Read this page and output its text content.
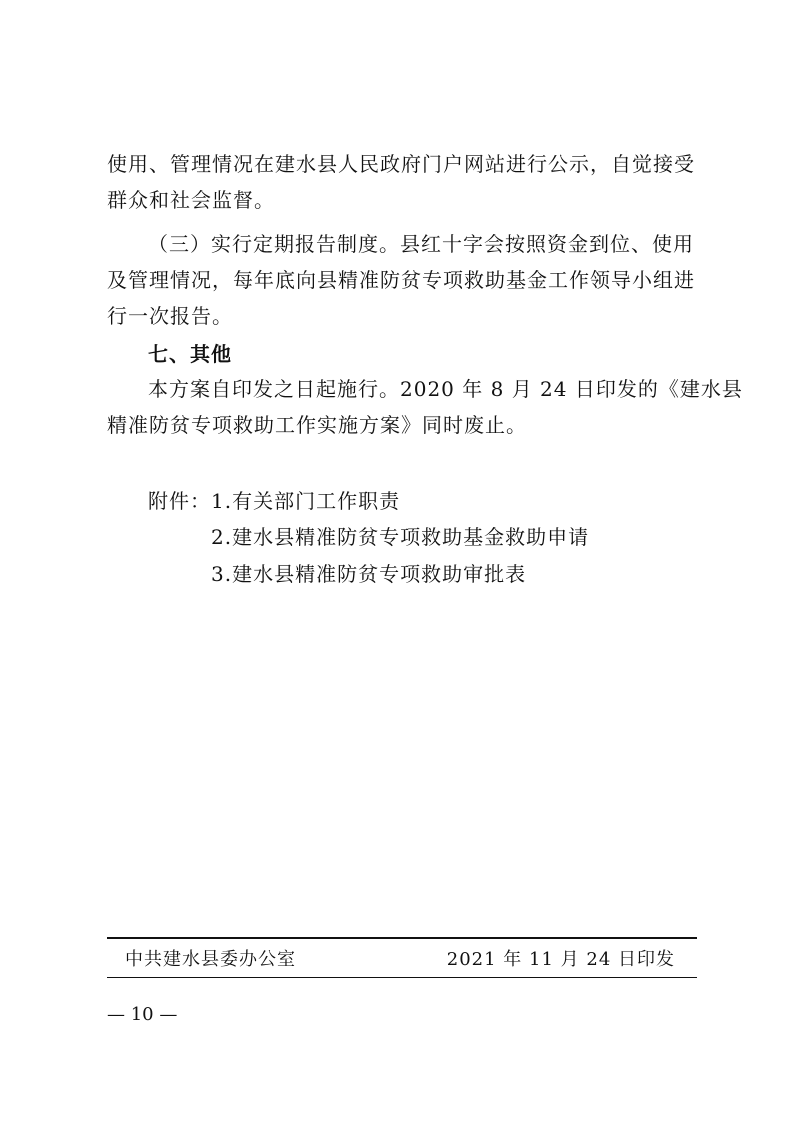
使用、管理情况在建水县人民政府门户网站进行公示，自觉接受
群众和社会监督。
（三）实行定期报告制度。县红十字会按照资金到位、使用
及管理情况，每年底向县精准防贫专项救助基金工作领导小组进
行一次报告。
七、其他
本方案自印发之日起施行。2020 年 8 月 24 日印发的《建水县
精准防贫专项救助工作实施方案》同时废止。
附件： 1.有关部门工作职责
2.建水县精准防贫专项救助基金救助申请
3.建水县精准防贫专项救助审批表
中共建水县委办公室	2021 年 11 月 24 日印发
— 10 —
